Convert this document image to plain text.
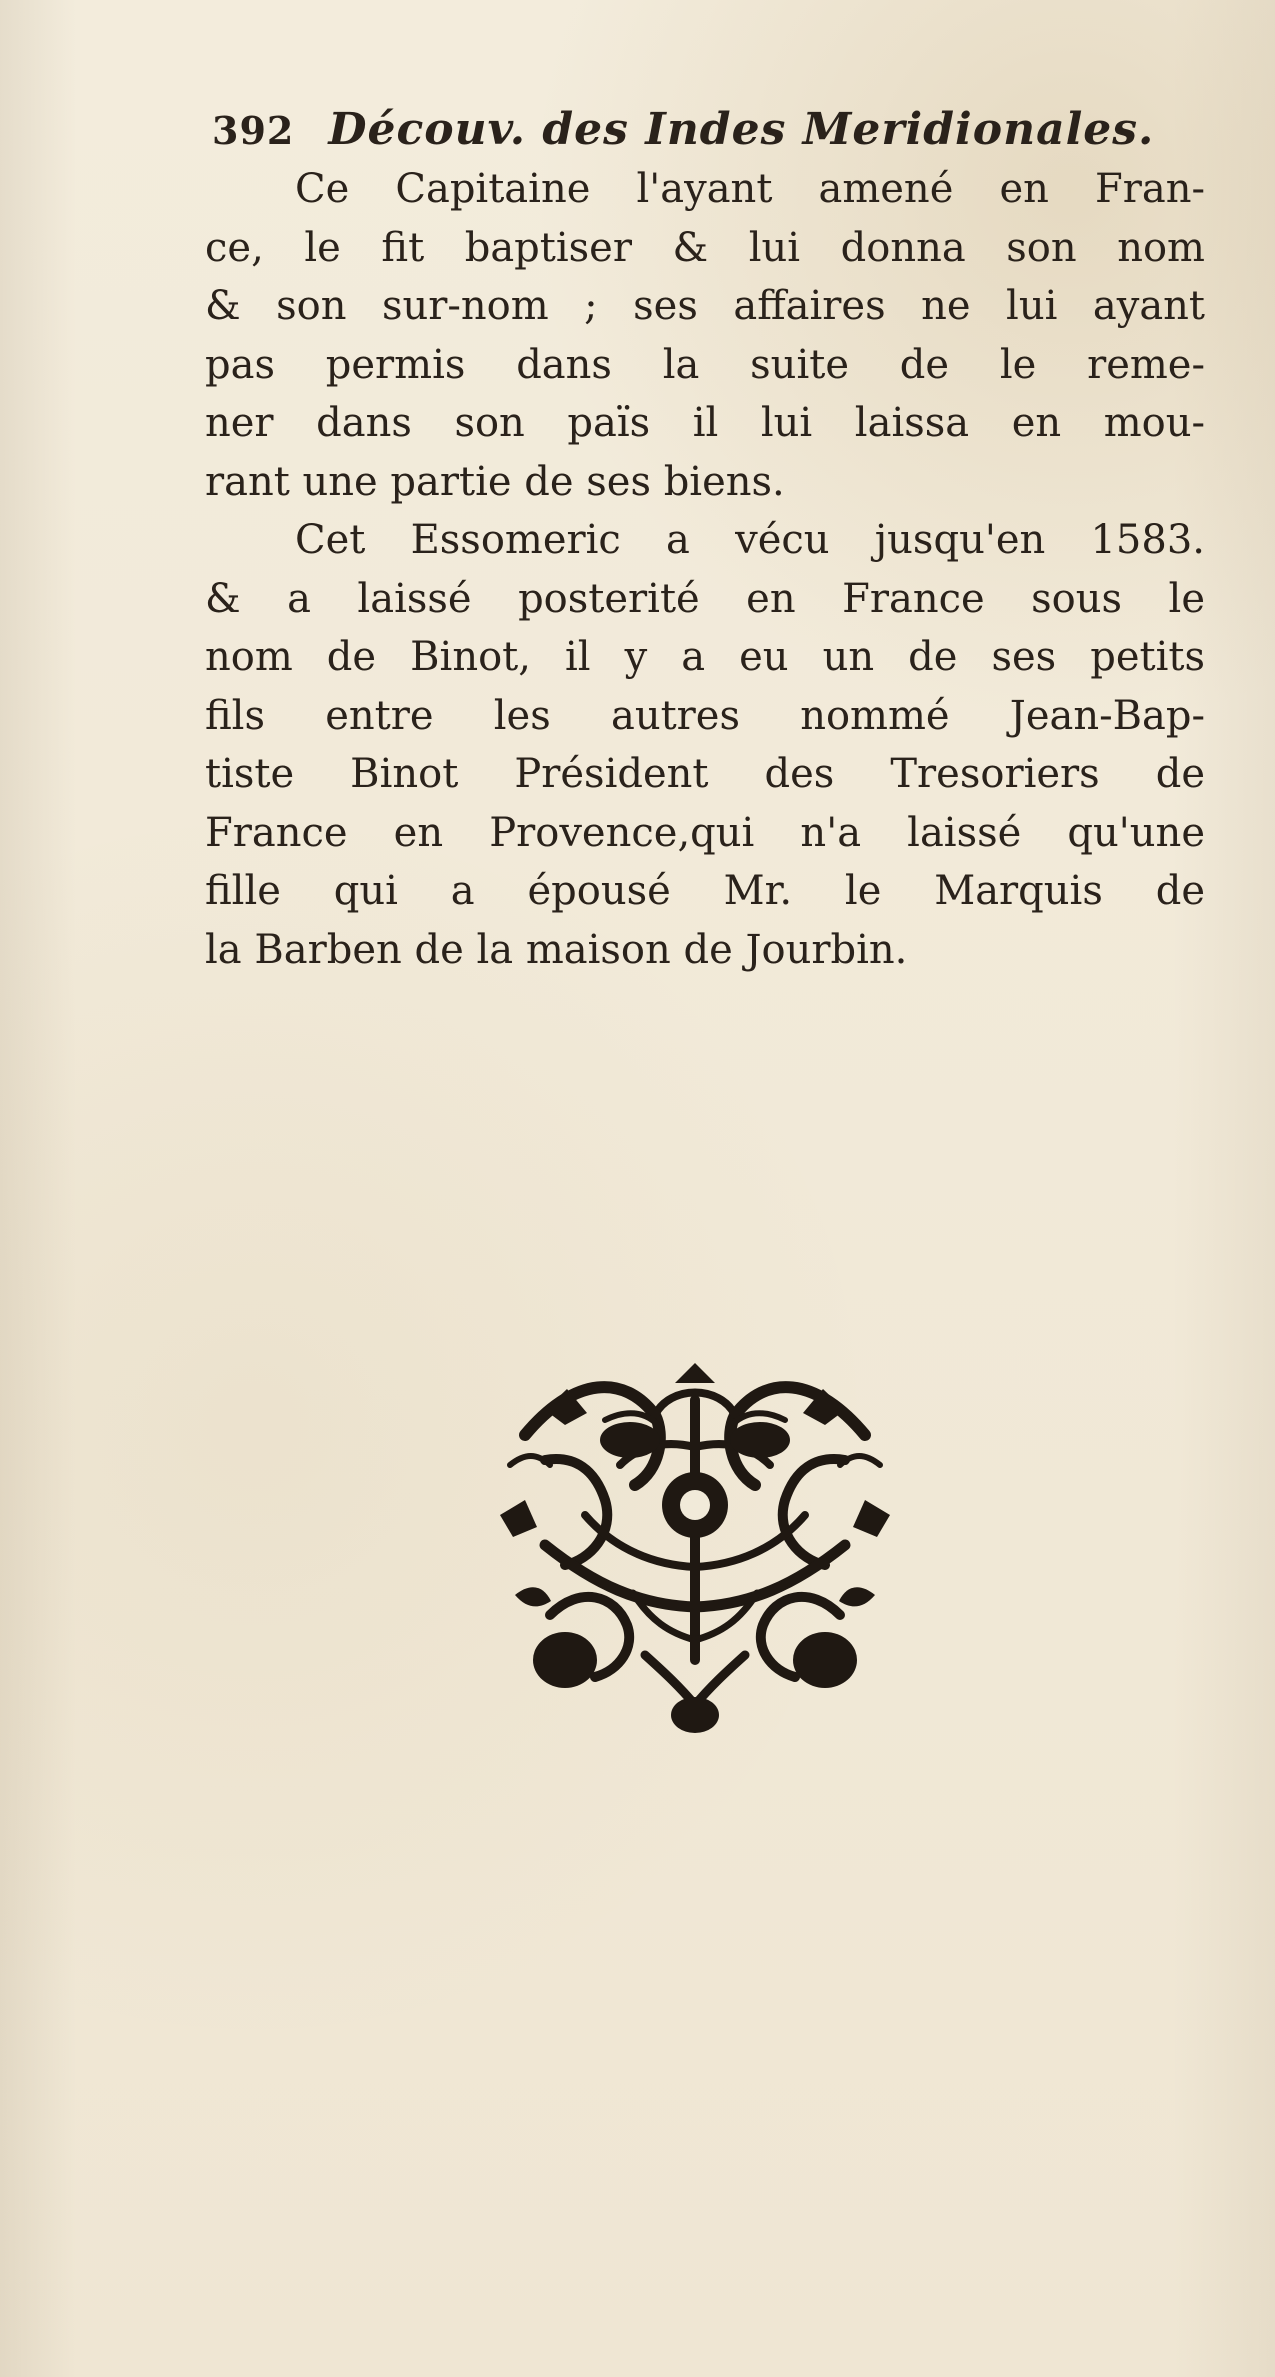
392 Découv. des Indes Meridionales.
Ce Capitaine l'ayant amené en Fran-
ce, le fit baptiser & lui donna son nom
& son sur-nom ; ses affaires ne lui ayant
pas permis dans la suite de le reme-
ner dans son païs il lui laissa en mou-
rant une partie de ses biens.
Cet Essomeric a vécu jusqu'en 1583.
& a laissé posterité en France sous le
nom de Binot, il y a eu un de ses petits
fils entre les autres nommé Jean-Bap-
tiste Binot Président des Tresoriers de
France en Provence,qui n'a laissé qu'une
fille qui a épousé Mr. le Marquis de
la Barben de la maison de Jourbin.
